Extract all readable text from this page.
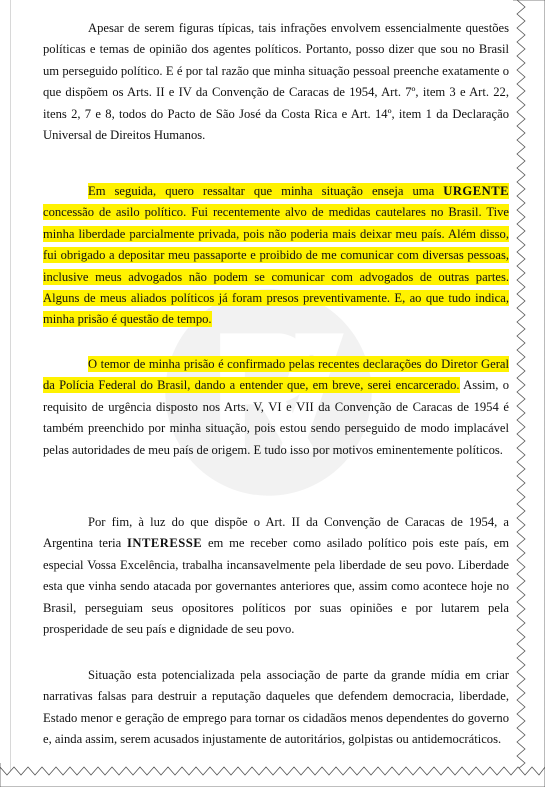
Apesar de serem figuras típicas, tais infrações envolvem essencialmente questões políticas e temas de opinião dos agentes políticos. Portanto, posso dizer que sou no Brasil um perseguido político. E é por tal razão que minha situação pessoal preenche exatamente o que dispõem os Arts. II e IV da Convenção de Caracas de 1954, Art. 7º, item 3 e Art. 22, itens 2, 7 e 8, todos do Pacto de São José da Costa Rica e Art. 14º, item 1 da Declaração Universal de Direitos Humanos.

Em seguida, quero ressaltar que minha situação enseja uma URGENTE concessão de asilo político. Fui recentemente alvo de medidas cautelares no Brasil. Tive minha liberdade parcialmente privada, pois não poderia mais deixar meu país. Além disso, fui obrigado a depositar meu passaporte e proibido de me comunicar com diversas pessoas, inclusive meus advogados não podem se comunicar com advogados de outras partes. Alguns de meus aliados políticos já foram presos preventivamente. E, ao que tudo indica, minha prisão é questão de tempo.

O temor de minha prisão é confirmado pelas recentes declarações do Diretor Geral da Polícia Federal do Brasil, dando a entender que, em breve, serei encarcerado. Assim, o requisito de urgência disposto nos Arts. V, VI e VII da Convenção de Caracas de 1954 é também preenchido por minha situação, pois estou sendo perseguido de modo implacável pelas autoridades de meu país de origem. E tudo isso por motivos eminentemente políticos.

Por fim, à luz do que dispõe o Art. II da Convenção de Caracas de 1954, a Argentina teria INTERESSE em me receber como asilado político pois este país, em especial Vossa Excelência, trabalha incansavelmente pela liberdade de seu povo. Liberdade esta que vinha sendo atacada por governantes anteriores que, assim como acontece hoje no Brasil, perseguiam seus opositores políticos por suas opiniões e por lutarem pela prosperidade de seu país e dignidade de seu povo.

Situação esta potencializada pela associação de parte da grande mídia em criar narrativas falsas para destruir a reputação daqueles que defendem democracia, liberdade, Estado menor e geração de emprego para tornar os cidadãos menos dependentes do governo e, ainda assim, serem acusados injustamente de autoritários, golpistas ou antidemocráticos.
